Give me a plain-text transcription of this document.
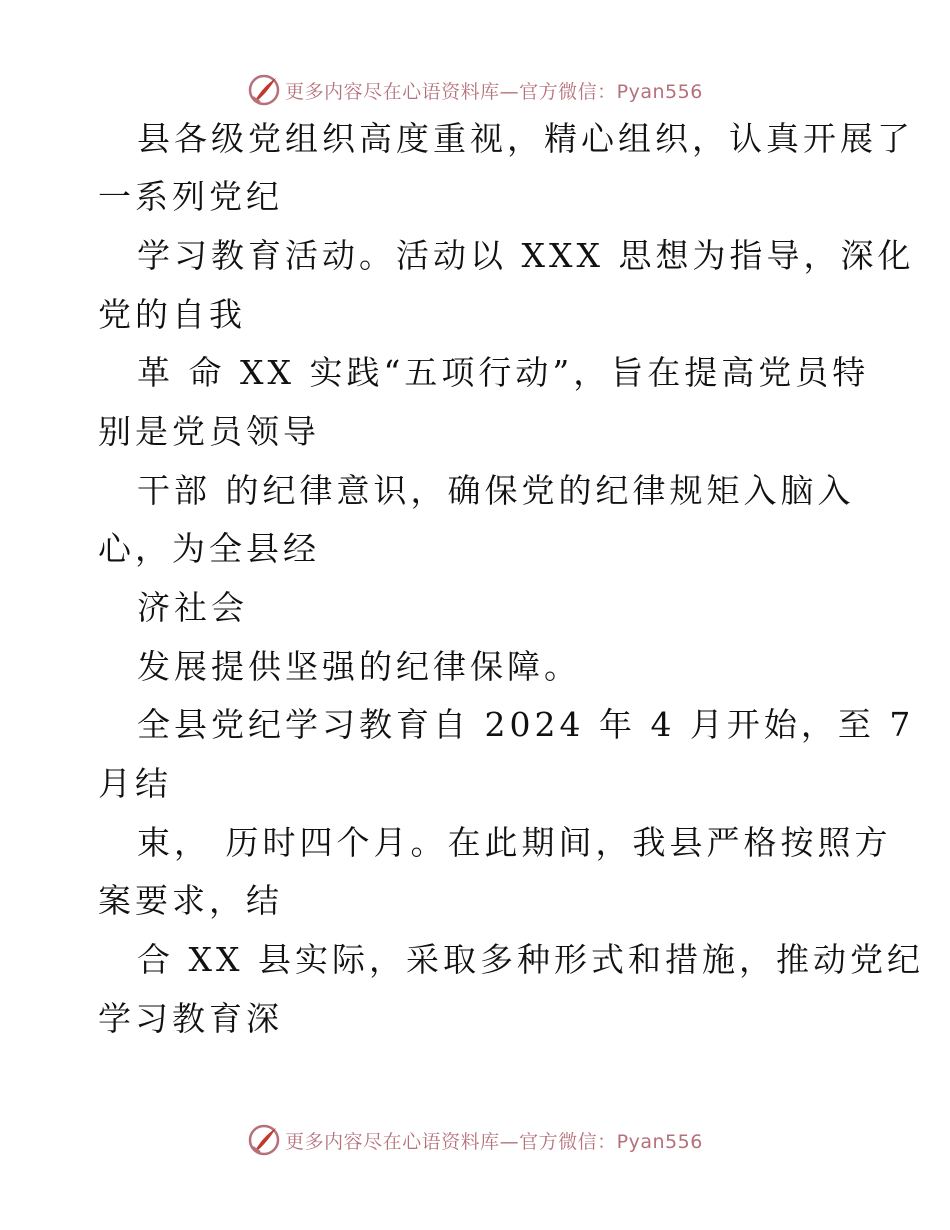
更多内容尽在心语资料库—官方微信：Pyan556
县各级党组织高度重视，精心组织，认真开展了
一系列党纪
学习教育活动。活动以 XXX 思想为指导，深化
党的自我
革 命 XX 实践“五项行动”，旨在提高党员特
别是党员领导
干部 的纪律意识，确保党的纪律规矩入脑入
心，为全县经
济社会
发展提供坚强的纪律保障。
全县党纪学习教育自 2024 年 4 月开始，至 7
月结
束， 历时四个月。在此期间，我县严格按照方
案要求，结
合 XX 县实际，采取多种形式和措施，推动党纪
学习教育深
更多内容尽在心语资料库—官方微信：Pyan556
